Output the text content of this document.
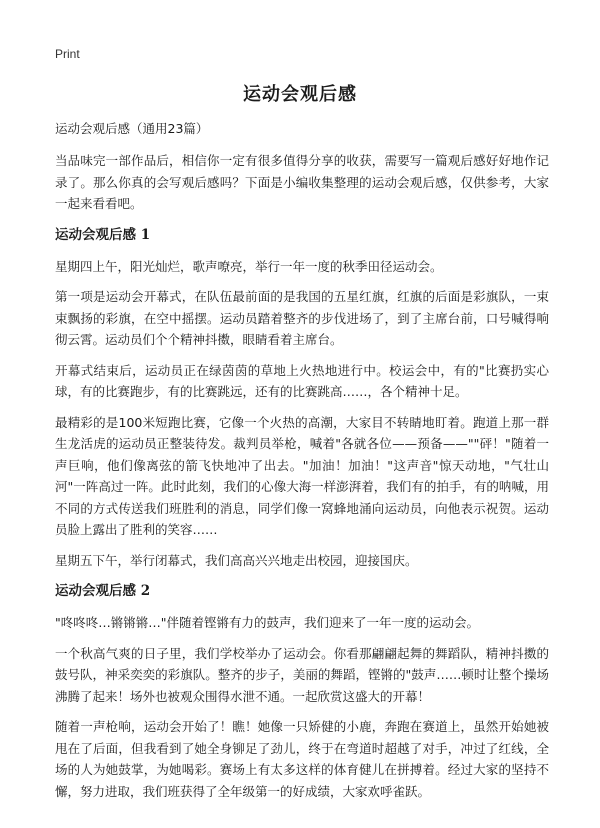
Print
运动会观后感
运动会观后感（通用23篇）

当品味完一部作品后，相信你一定有很多值得分享的收获，需要写一篇观后感好好地作记录了。那么你真的会写观后感吗？下面是小编收集整理的运动会观后感，仅供参考，大家一起来看看吧。

运动会观后感 1

星期四上午，阳光灿烂，歌声嘹亮，举行一年一度的秋季田径运动会。

第一项是运动会开幕式，在队伍最前面的是我国的五星红旗，红旗的后面是彩旗队，一束束飘扬的彩旗，在空中摇摆。运动员踏着整齐的步伐进场了，到了主席台前，口号喊得响彻云霄。运动员们个个精神抖擞，眼睛看着主席台。

开幕式结束后，运动员正在绿茵茵的草地上火热地进行中。校运会中，有的"比赛扔实心球，有的比赛跑步，有的比赛跳远，还有的比赛跳高……，各个精神十足。

最精彩的是100米短跑比赛，它像一个火热的高潮，大家目不转睛地盯着。跑道上那一群生龙活虎的运动员正整装待发。裁判员举枪，喊着"各就各位——预备——""砰！"随着一声巨响，他们像离弦的箭飞快地冲了出去。"加油！加油！"这声音"惊天动地，"气壮山河"一阵高过一阵。此时此刻，我们的心像大海一样澎湃着，我们有的拍手，有的呐喊，用不同的方式传送我们班胜利的消息，同学们像一窝蜂地涌向运动员，向他表示祝贺。运动员脸上露出了胜利的笑容……

星期五下午，举行闭幕式，我们高高兴兴地走出校园，迎接国庆。

运动会观后感 2

"咚咚咚…锵锵锵…"伴随着铿锵有力的鼓声，我们迎来了一年一度的运动会。

一个秋高气爽的日子里，我们学校举办了运动会。你看那翩翩起舞的舞蹈队，精神抖擞的鼓号队，神采奕奕的彩旗队。整齐的步子，美丽的舞蹈，铿锵的"鼓声……顿时让整个操场沸腾了起来！场外也被观众围得水泄不通。一起欣赏这盛大的开幕！

随着一声枪响，运动会开始了！瞧！她像一只矫健的小鹿，奔跑在赛道上，虽然开始她被甩在了后面，但我看到了她全身铆足了劲儿，终于在弯道时超越了对手，冲过了红线，全场的人为她鼓掌，为她喝彩。赛场上有太多这样的体育健儿在拼搏着。经过大家的坚持不懈，努力进取，我们班获得了全年级第一的好成绩，大家欢呼雀跃。
